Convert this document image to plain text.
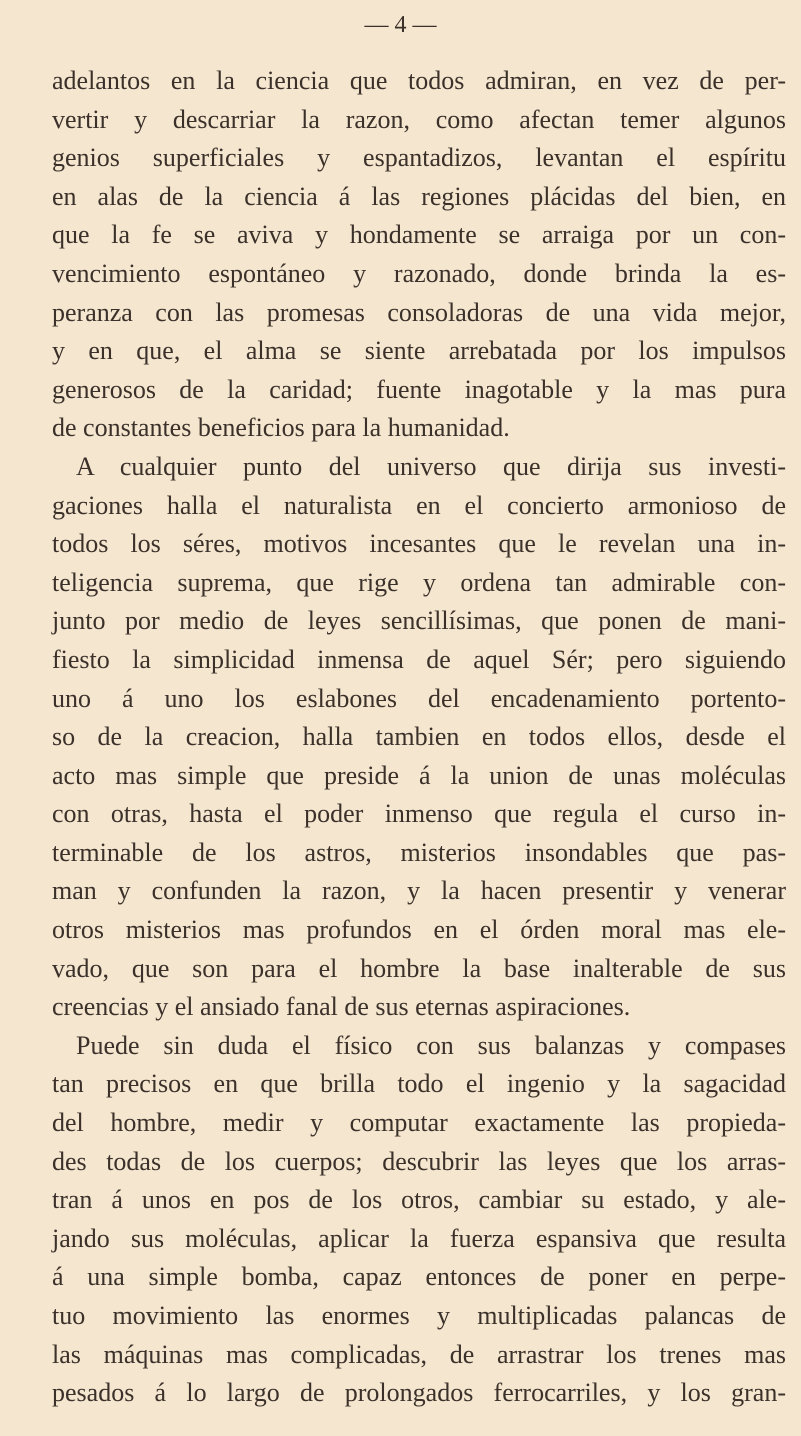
— 4 —
adelantos en la ciencia que todos admiran, en vez de per-
vertir y descarriar la razon, como afectan temer algunos
genios superficiales y espantadizos, levantan el espíritu
en alas de la ciencia á las regiones plácidas del bien, en
que la fe se aviva y hondamente se arraiga por un con-
vencimiento espontáneo y razonado, donde brinda la es-
peranza con las promesas consoladoras de una vida mejor,
y en que, el alma se siente arrebatada por los impulsos
generosos de la caridad; fuente inagotable y la mas pura
de constantes beneficios para la humanidad.
A cualquier punto del universo que dirija sus investi-
gaciones halla el naturalista en el concierto armonioso de
todos los séres, motivos incesantes que le revelan una in-
teligencia suprema, que rige y ordena tan admirable con-
junto por medio de leyes sencillísimas, que ponen de mani-
fiesto la simplicidad inmensa de aquel Sér; pero siguiendo
uno á uno los eslabones del encadenamiento portento-
so de la creacion, halla tambien en todos ellos, desde el
acto mas simple que preside á la union de unas moléculas
con otras, hasta el poder inmenso que regula el curso in-
terminable de los astros, misterios insondables que pas-
man y confunden la razon, y la hacen presentir y venerar
otros misterios mas profundos en el órden moral mas ele-
vado, que son para el hombre la base inalterable de sus
creencias y el ansiado fanal de sus eternas aspiraciones.
Puede sin duda el físico con sus balanzas y compases
tan precisos en que brilla todo el ingenio y la sagacidad
del hombre, medir y computar exactamente las propieda-
des todas de los cuerpos; descubrir las leyes que los arras-
tran á unos en pos de los otros, cambiar su estado, y ale-
jando sus moléculas, aplicar la fuerza espansiva que resulta
á una simple bomba, capaz entonces de poner en perpe-
tuo movimiento las enormes y multiplicadas palancas de
las máquinas mas complicadas, de arrastrar los trenes mas
pesados á lo largo de prolongados ferrocarriles, y los gran-
